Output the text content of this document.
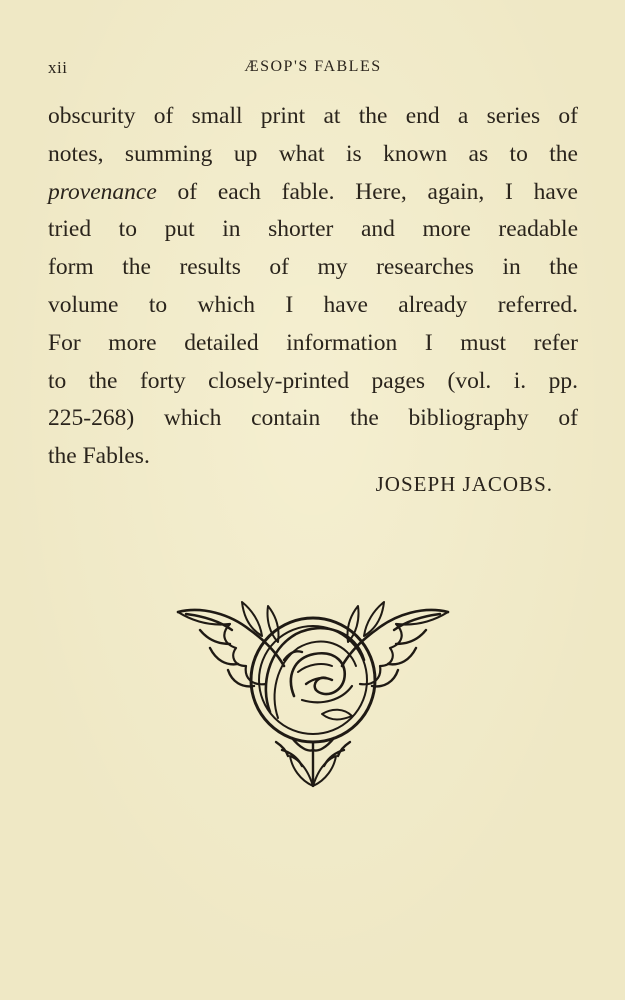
xii	ÆSOP'S FABLES
obscurity of small print at the end a series of
notes, summing up what is known as to the
provenance of each fable. Here, again, I have
tried to put in shorter and more readable
form the results of my researches in the
volume to which I have already referred.
For more detailed information I must refer
to the forty closely-printed pages (vol. i. pp.
225-268) which contain the bibliography of
the Fables.
JOSEPH JACOBS.
